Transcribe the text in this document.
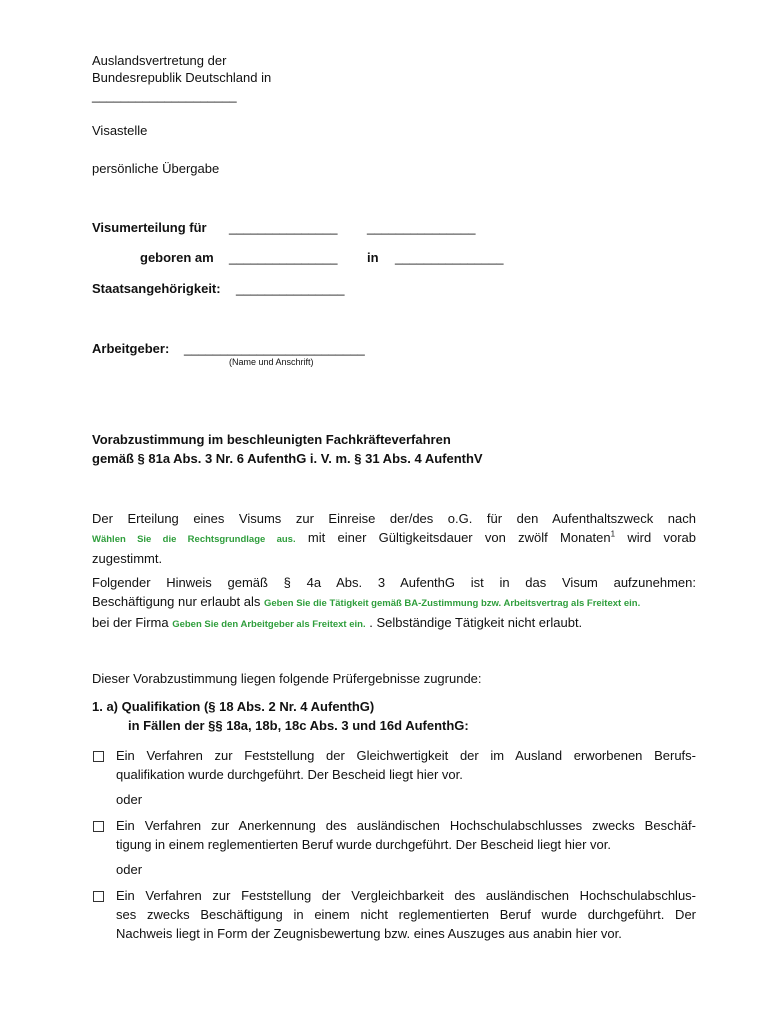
Auslandsvertretung der
Bundesrepublik Deutschland in
____________________
Visastelle
persönliche Übergabe
Visumerteilung für _______________ _______________
geboren am _______________ in _______________
Staatsangehörigkeit: _______________
Arbeitgeber: _________________________
(Name und Anschrift)
Vorabzustimmung im beschleunigten Fachkräfteverfahren
gemäß § 81a Abs. 3 Nr. 6 AufenthG i. V. m. § 31 Abs. 4 AufenthV
Der Erteilung eines Visums zur Einreise der/des o.G. für den Aufenthaltszweck nach
Wählen Sie die Rechtsgrundlage aus. mit einer Gültigkeitsdauer von zwölf Monaten$^1$ wird vorab
zugestimmt.
Folgender Hinweis gemäß § 4a Abs. 3 AufenthG ist in das Visum aufzunehmen:
Beschäftigung nur erlaubt als Geben Sie die Tätigkeit gemäß BA-Zustimmung bzw. Arbeitsvertrag als Freitext ein.
bei der Firma Geben Sie den Arbeitgeber als Freitext ein. . Selbständige Tätigkeit nicht erlaubt.
Dieser Vorabzustimmung liegen folgende Prüfergebnisse zugrunde:
1. a) Qualifikation (§ 18 Abs. 2 Nr. 4 AufenthG)
in Fällen der §§ 18a, 18b, 18c Abs. 3 und 16d AufenthG:
Ein Verfahren zur Feststellung der Gleichwertigkeit der im Ausland erworbenen Berufs-
qualifikation wurde durchgeführt. Der Bescheid liegt hier vor.
oder
Ein Verfahren zur Anerkennung des ausländischen Hochschulabschlusses zwecks Beschäf-
tigung in einem reglementierten Beruf wurde durchgeführt. Der Bescheid liegt hier vor.
oder
Ein Verfahren zur Feststellung der Vergleichbarkeit des ausländischen Hochschulabschlus-
ses zwecks Beschäftigung in einem nicht reglementierten Beruf wurde durchgeführt. Der
Nachweis liegt in Form der Zeugnisbewertung bzw. eines Auszuges aus anabin hier vor.
